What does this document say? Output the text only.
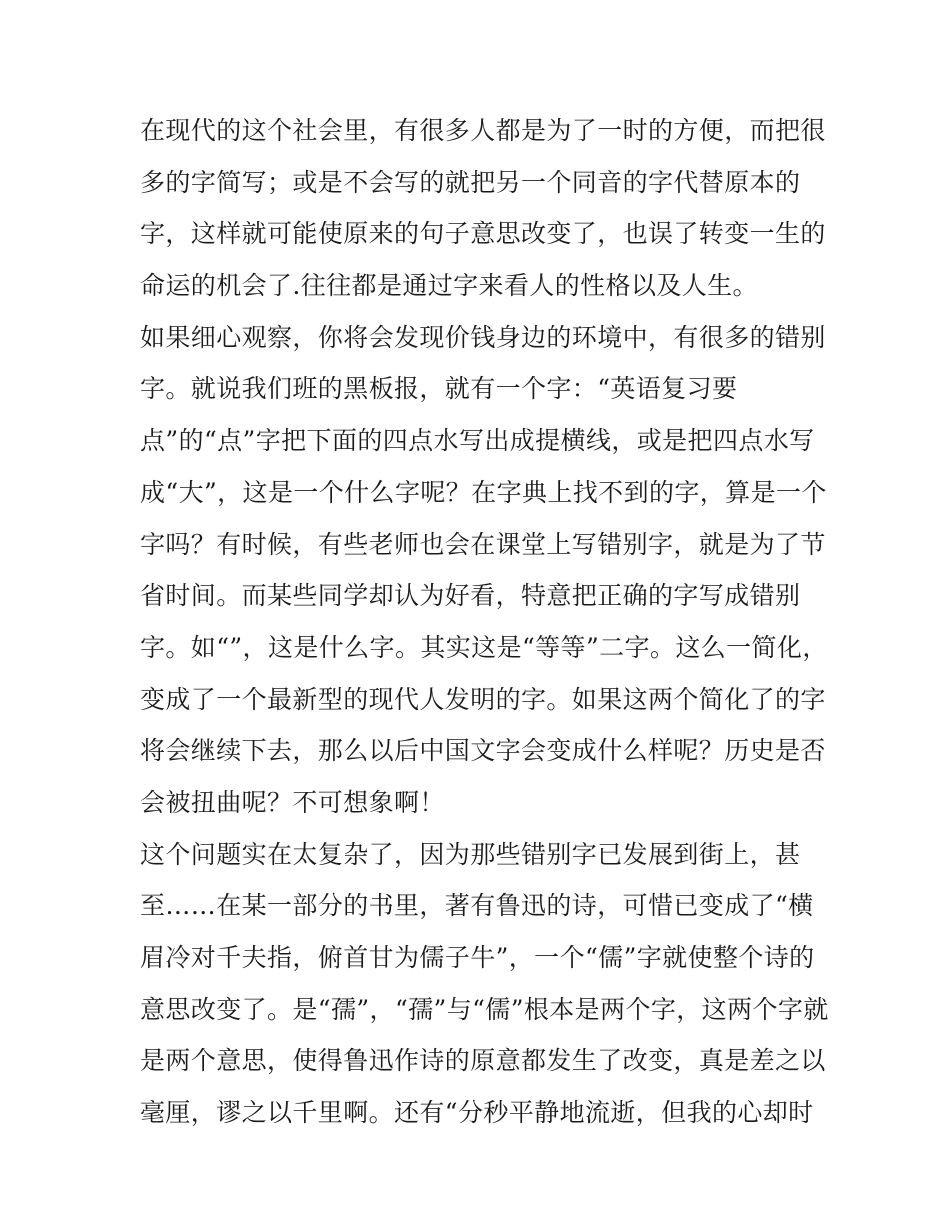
在现代的这个社会里，有很多人都是为了一时的方便，而把很
多的字简写；或是不会写的就把另一个同音的字代替原本的
字，这样就可能使原来的句子意思改变了，也误了转变一生的
命运的机会了.往往都是通过字来看人的性格以及人生。
如果细心观察，你将会发现价钱身边的环境中，有很多的错别
字。就说我们班的黑板报，就有一个字：“英语复习要
点”的“点”字把下面的四点水写出成提横线，或是把四点水写
成“大”，这是一个什么字呢？在字典上找不到的字，算是一个
字吗？有时候，有些老师也会在课堂上写错别字，就是为了节
省时间。而某些同学却认为好看，特意把正确的字写成错别
字。如“”，这是什么字。其实这是“等等”二字。这么一简化，
变成了一个最新型的现代人发明的字。如果这两个简化了的字
将会继续下去，那么以后中国文字会变成什么样呢？历史是否
会被扭曲呢？不可想象啊！
这个问题实在太复杂了，因为那些错别字已发展到街上，甚
至……在某一部分的书里，著有鲁迅的诗，可惜已变成了“横
眉冷对千夫指，俯首甘为儒子牛”，一个“儒”字就使整个诗的
意思改变了。是“孺”，“孺”与“儒”根本是两个字，这两个字就
是两个意思，使得鲁迅作诗的原意都发生了改变，真是差之以
毫厘，谬之以千里啊。还有“分秒平静地流逝，但我的心却时
